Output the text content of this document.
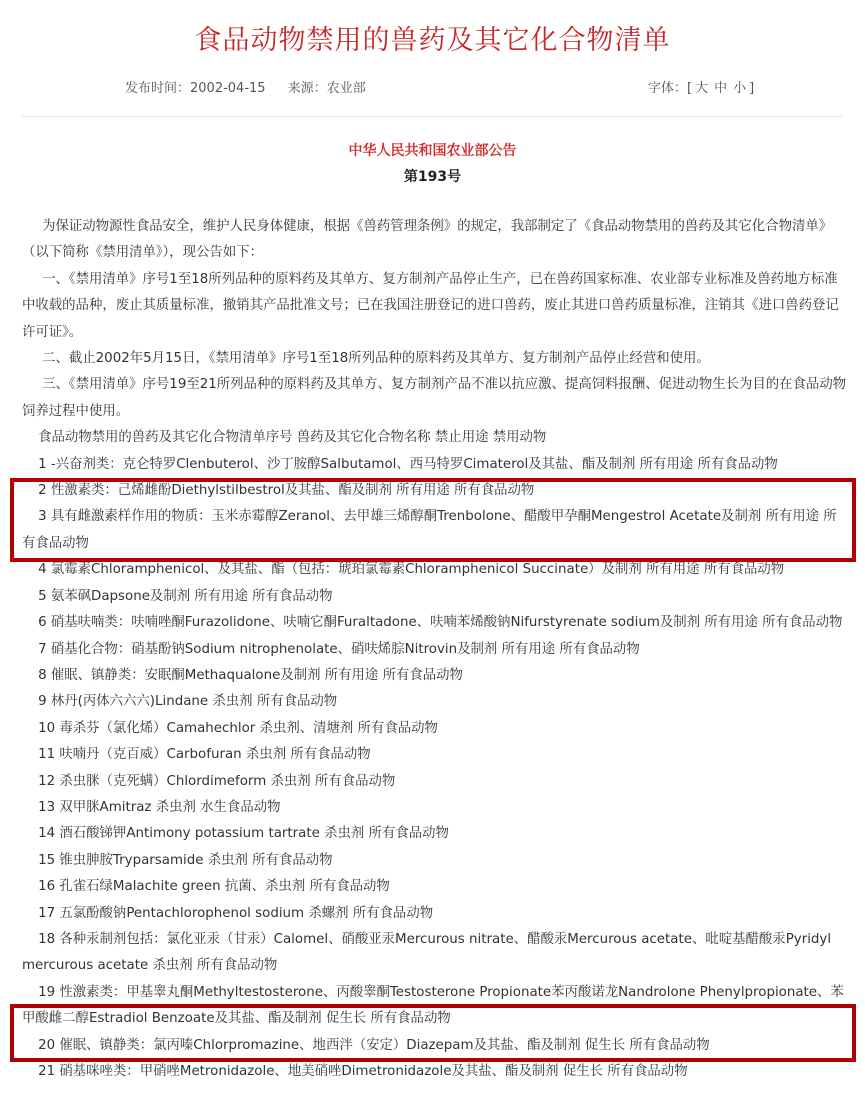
食品动物禁用的兽药及其它化合物清单
发布时间：2002-04-15 来源：农业部	字体：[ 大 中 小 ]
中华人民共和国农业部公告
第193号

为保证动物源性食品安全，维护人民身体健康，根据《兽药管理条例》的规定，我部制定了《食品动物禁用的兽药及其它化合物清单》（以下简称《禁用清单》），现公告如下：

一、《禁用清单》序号1至18所列品种的原料药及其单方、复方制剂产品停止生产，已在兽药国家标准、农业部专业标准及兽药地方标准中收载的品种，废止其质量标准，撤销其产品批准文号；已在我国注册登记的进口兽药，废止其进口兽药质量标准，注销其《进口兽药登记许可证》。

二、截止2002年5月15日，《禁用清单》序号1至18所列品种的原料药及其单方、复方制剂产品停止经营和使用。

三、《禁用清单》序号19至21所列品种的原料药及其单方、复方制剂产品不准以抗应激、提高饲料报酬、促进动物生长为目的在食品动物饲养过程中使用。

食品动物禁用的兽药及其它化合物清单序号 兽药及其它化合物名称 禁止用途 禁用动物

1 -兴奋剂类：克仑特罗Clenbuterol、沙丁胺醇Salbutamol、西马特罗Cimaterol及其盐、酯及制剂 所有用途 所有食品动物

2 性激素类：己烯雌酚Diethylstilbestrol及其盐、酯及制剂 所有用途 所有食品动物

3 具有雌激素样作用的物质：玉米赤霉醇Zeranol、去甲雄三烯醇酮Trenbolone、醋酸甲孕酮Mengestrol Acetate及制剂 所有用途 所有食品动物

4 氯霉素Chloramphenicol、及其盐、酯（包括：琥珀氯霉素Chloramphenicol Succinate）及制剂 所有用途 所有食品动物

5 氨苯砜Dapsone及制剂 所有用途 所有食品动物

6 硝基呋喃类：呋喃唑酮Furazolidone、呋喃它酮Furaltadone、呋喃苯烯酸钠Nifurstyrenate sodium及制剂 所有用途 所有食品动物

7 硝基化合物：硝基酚钠Sodium nitrophenolate、硝呋烯腙Nitrovin及制剂 所有用途 所有食品动物

8 催眠、镇静类：安眠酮Methaqualone及制剂 所有用途 所有食品动物

9 林丹(丙体六六六)Lindane 杀虫剂 所有食品动物

10 毒杀芬（氯化烯）Camahechlor 杀虫剂、清塘剂 所有食品动物

11 呋喃丹（克百威）Carbofuran 杀虫剂 所有食品动物

12 杀虫脒（克死螨）Chlordimeform 杀虫剂 所有食品动物

13 双甲脒Amitraz 杀虫剂 水生食品动物

14 酒石酸锑钾Antimony potassium tartrate 杀虫剂 所有食品动物

15 锥虫胂胺Tryparsamide 杀虫剂 所有食品动物

16 孔雀石绿Malachite green 抗菌、杀虫剂 所有食品动物

17 五氯酚酸钠Pentachlorophenol sodium 杀螺剂 所有食品动物

18 各种汞制剂包括：氯化亚汞（甘汞）Calomel、硝酸亚汞Mercurous nitrate、醋酸汞Mercurous acetate、吡啶基醋酸汞Pyridyl mercurous acetate 杀虫剂 所有食品动物

19 性激素类：甲基睾丸酮Methyltestosterone、丙酸睾酮Testosterone Propionate苯丙酸诺龙Nandrolone Phenylpropionate、苯甲酸雌二醇Estradiol Benzoate及其盐、酯及制剂 促生长 所有食品动物

20 催眠、镇静类：氯丙嗪Chlorpromazine、地西泮（安定）Diazepam及其盐、酯及制剂 促生长 所有食品动物

21 硝基咪唑类：甲硝唑Metronidazole、地美硝唑Dimetronidazole及其盐、酯及制剂 促生长 所有食品动物
